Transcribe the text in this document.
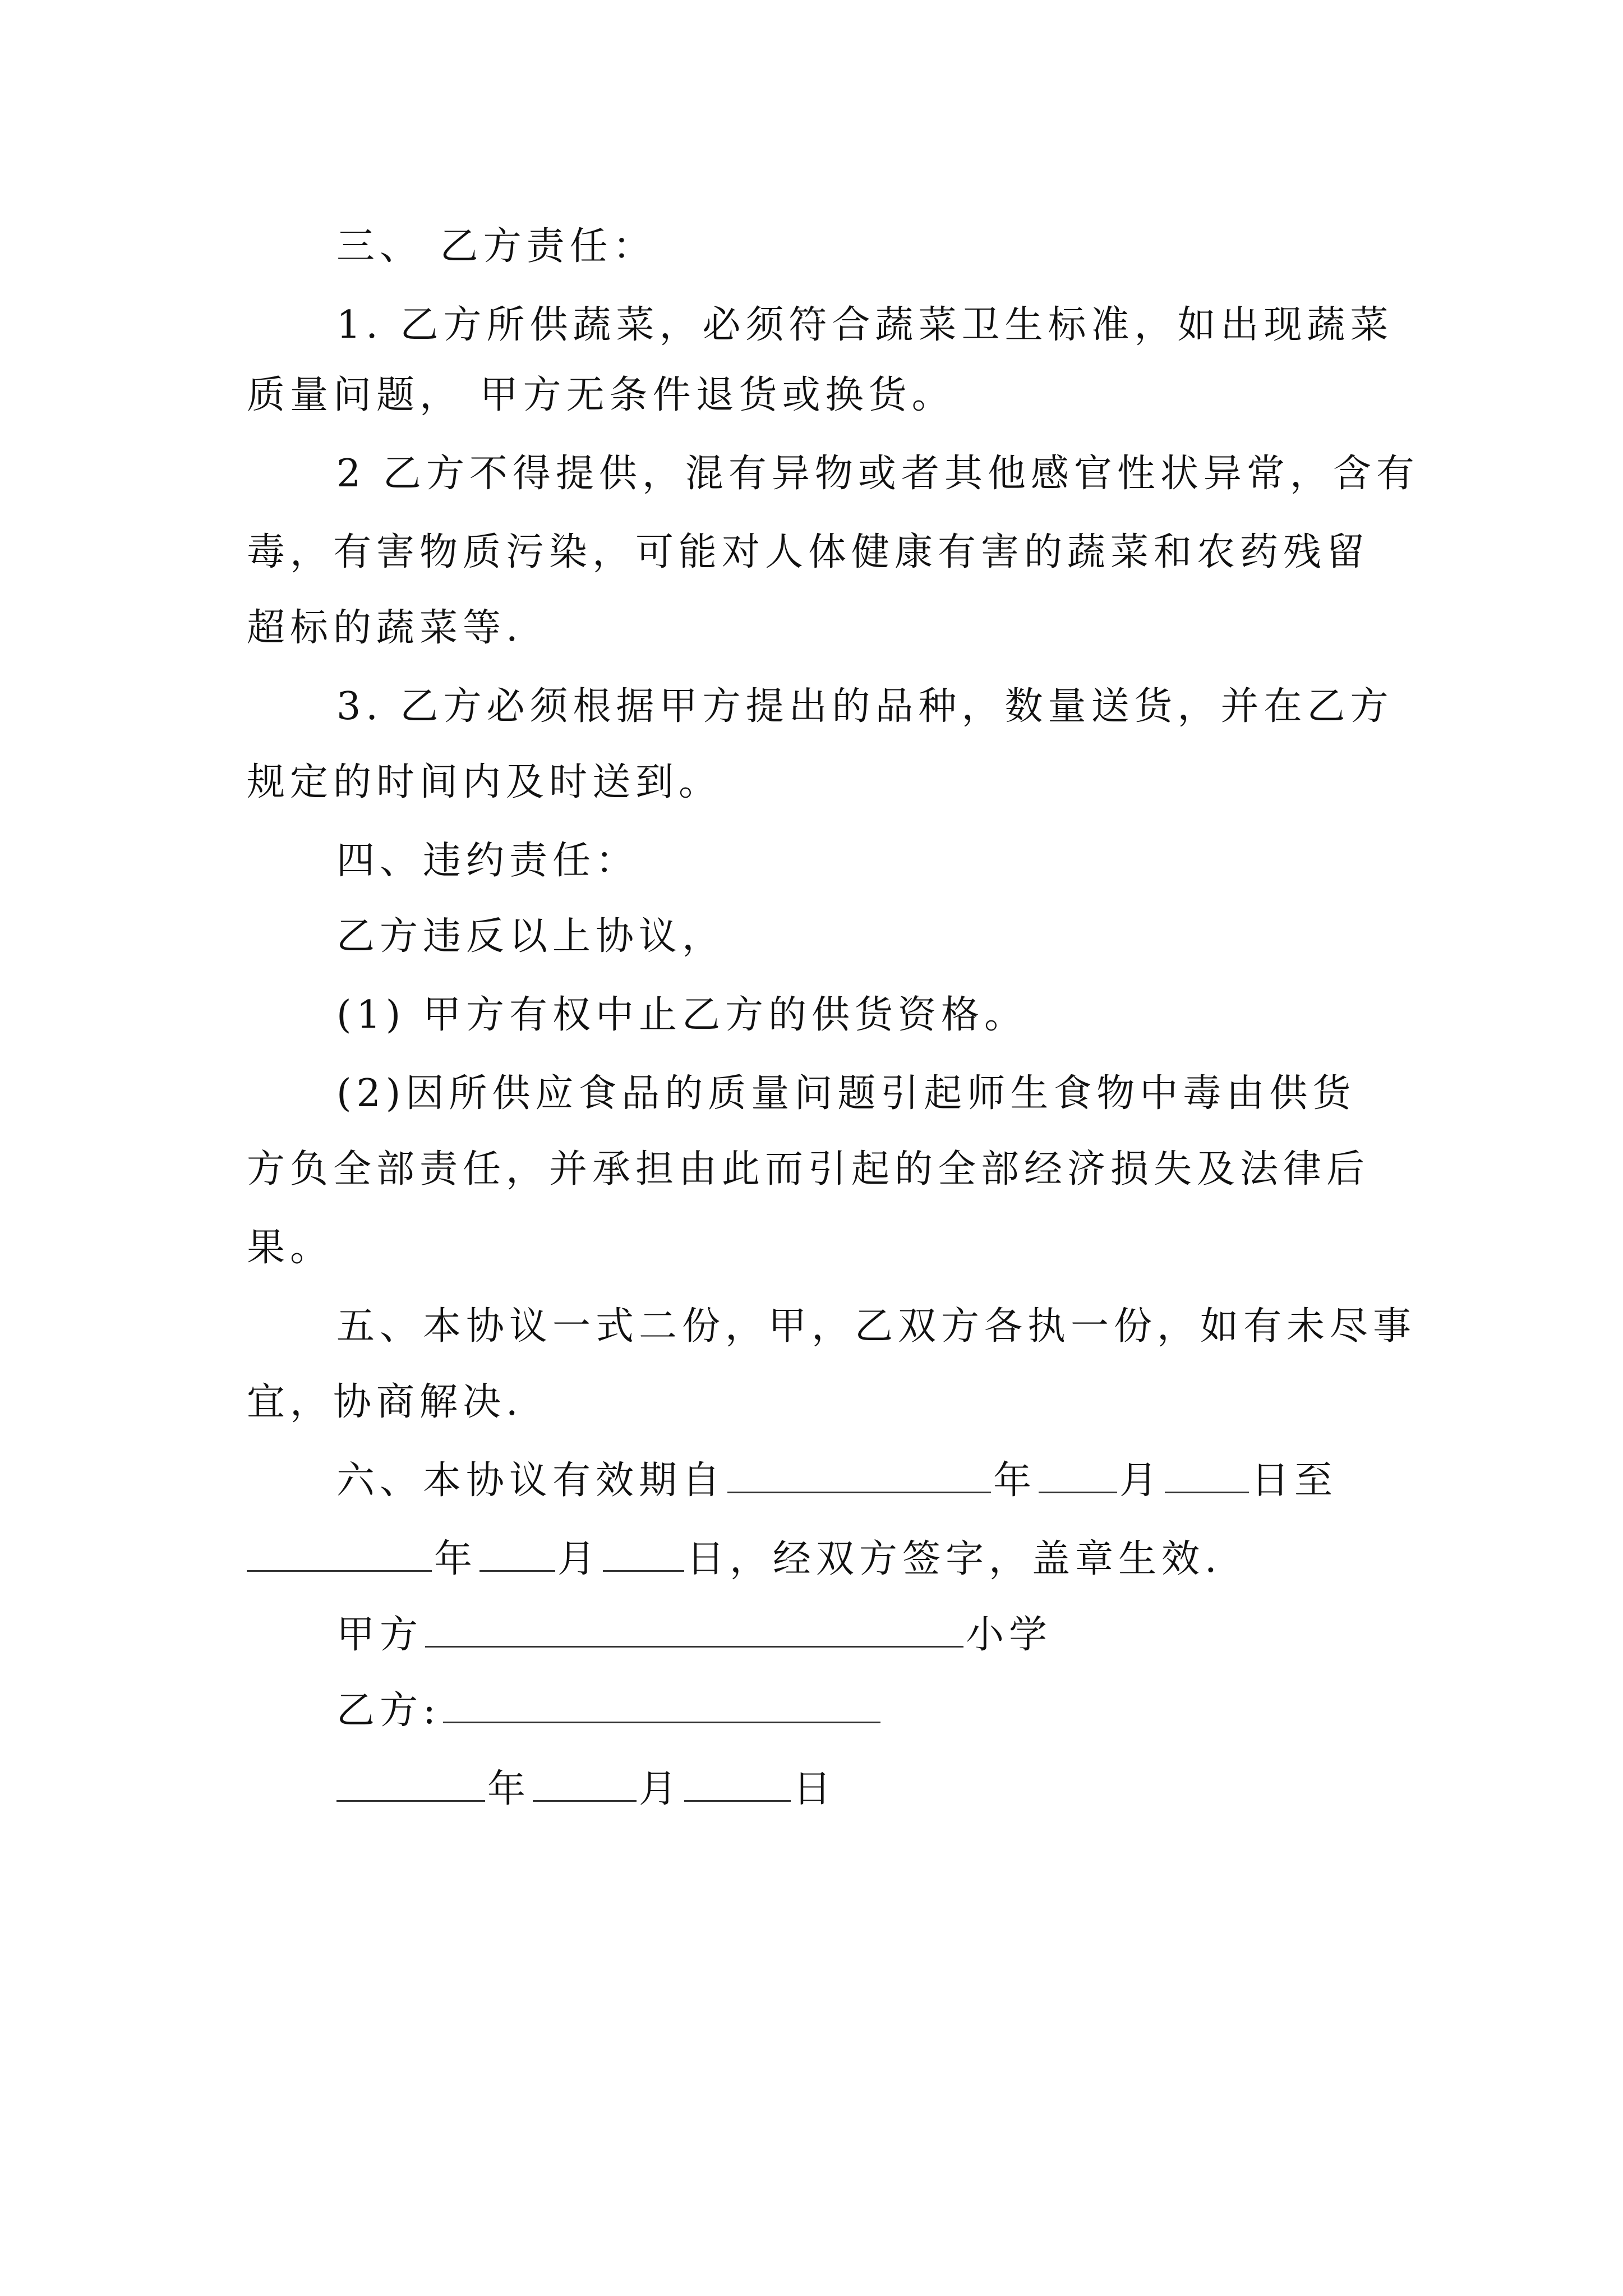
三、 乙方责任：
1. 乙方所供蔬菜，必须符合蔬菜卫生标准，如出现蔬菜
质量问题， 甲方无条件退货或换货。
2 乙方不得提供，混有异物或者其他感官性状异常，含有
毒，有害物质污染，可能对人体健康有害的蔬菜和农药残留
超标的蔬菜等.
3. 乙方必须根据甲方提出的品种，数量送货，并在乙方
规定的时间内及时送到。
四、违约责任：
乙方违反以上协议，
(1) 甲方有权中止乙方的供货资格。
(2)因所供应食品的质量问题引起师生食物中毒由供货
方负全部责任，并承担由此而引起的全部经济损失及法律后
果。
五、本协议一式二份，甲，乙双方各执一份，如有未尽事
宜，协商解决.
六、本协议有效期自	年 月 日至
年 月 日，经双方签字，盖章生效.
甲方	小学
乙方:
年	月	日
